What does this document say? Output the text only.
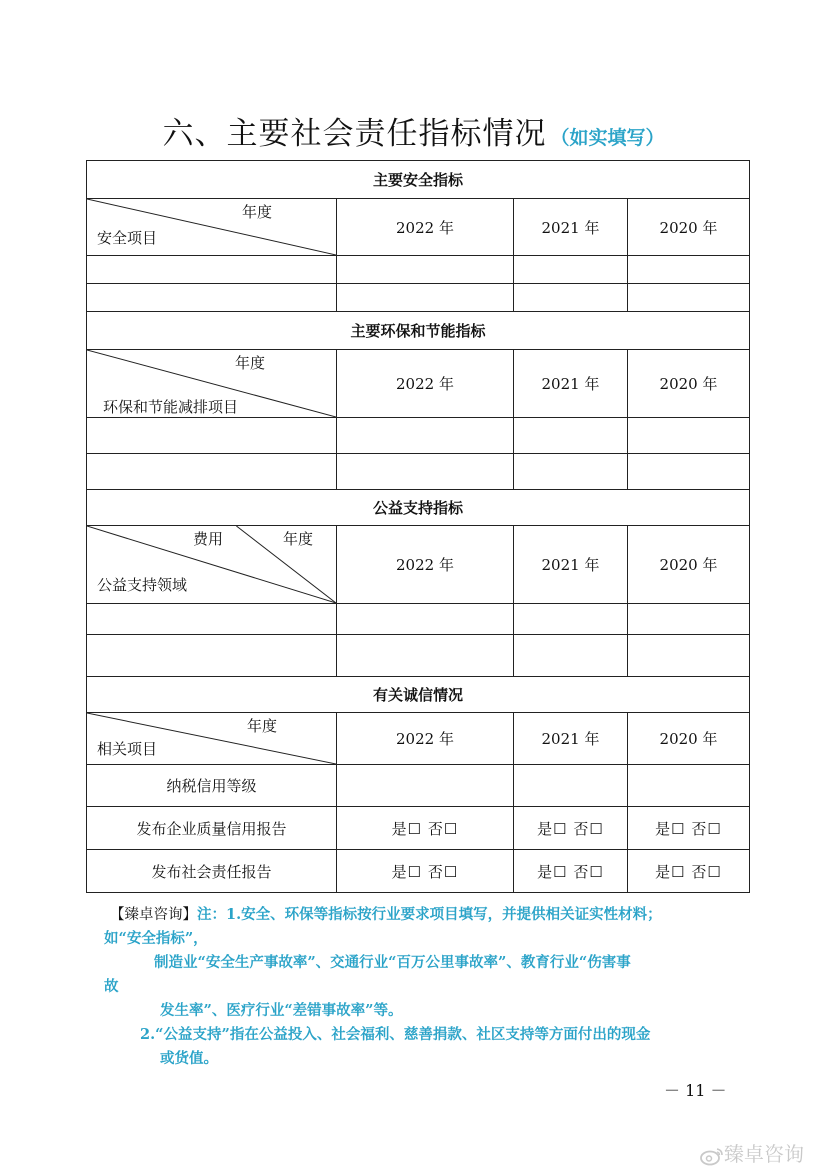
六、主要社会责任指标情况 （如实填写）
主要安全指标			

年度
安全项目	2022 年	2021 年	2020 年

主要环保和节能指标			

年度
环保和节能减排项目	2022 年	2021 年	2020 年

公益支持指标			

费用 年度
公益支持领域	2022 年	2021 年	2020 年

有关诚信情况			

年度
相关项目	2022 年	2021 年	2020 年
纳税信用等级			
发布企业质量信用报告	是☐ 否☐	是☐ 否☐	是☐ 否☐
发布社会责任报告	是☐ 否☐	是☐ 否☐	是☐ 否☐
【臻卓咨询】注：1.安全、环保等指标按行业要求项目填写，并提供相关证实性材料；
如“安全指标”，
制造业“安全生产事故率”、交通行业“百万公里事故率”、教育行业“伤害事
故
发生率”、医疗行业“差错事故率”等。
2.“公益支持”指在公益投入、社会福利、慈善捐款、社区支持等方面付出的现金
或货值。
－ 11 －
臻卓咨询
